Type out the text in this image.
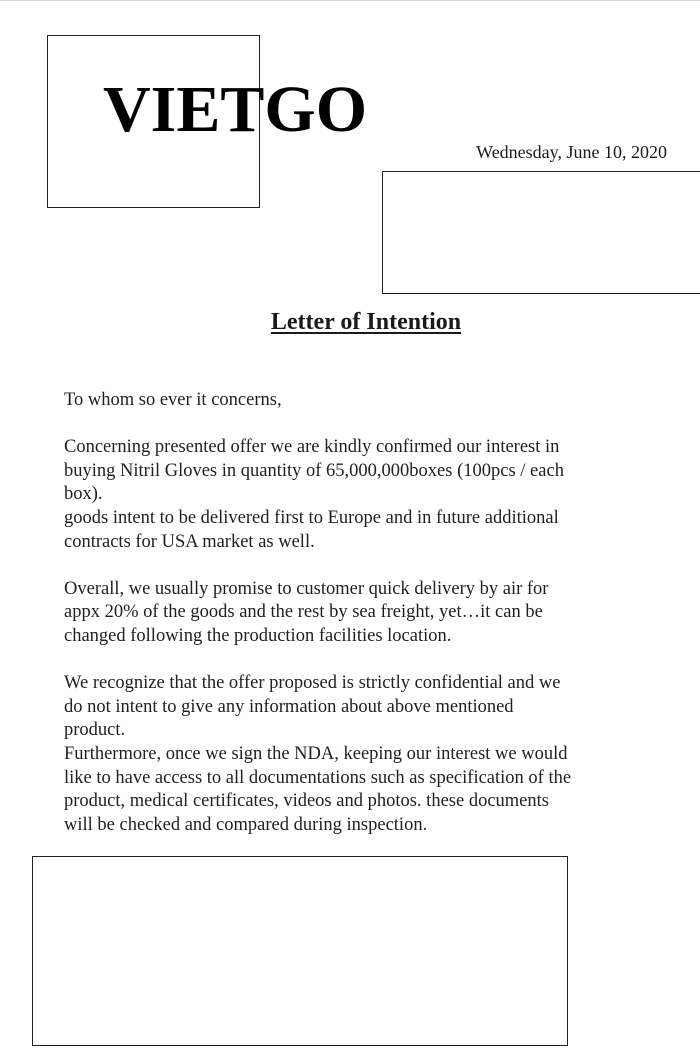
VIETGO
Wednesday, June 10, 2020
Letter of Intention

To whom so ever it concerns,

Concerning presented offer we are kindly confirmed our interest in

buying Nitril Gloves in quantity of 65,000,000boxes (100pcs / each

box).

goods intent to be delivered first to Europe and in future additional

contracts for USA market as well.

Overall, we usually promise to customer quick delivery by air for

appx 20% of the goods and the rest by sea freight, yet…it can be

changed following the production facilities location.

We recognize that the offer proposed is strictly confidential and we

do not intent to give any information about above mentioned

product.

Furthermore, once we sign the NDA, keeping our interest we would

like to have access to all documentations such as specification of the

product, medical certificates, videos and photos. these documents

will be checked and compared during inspection.
